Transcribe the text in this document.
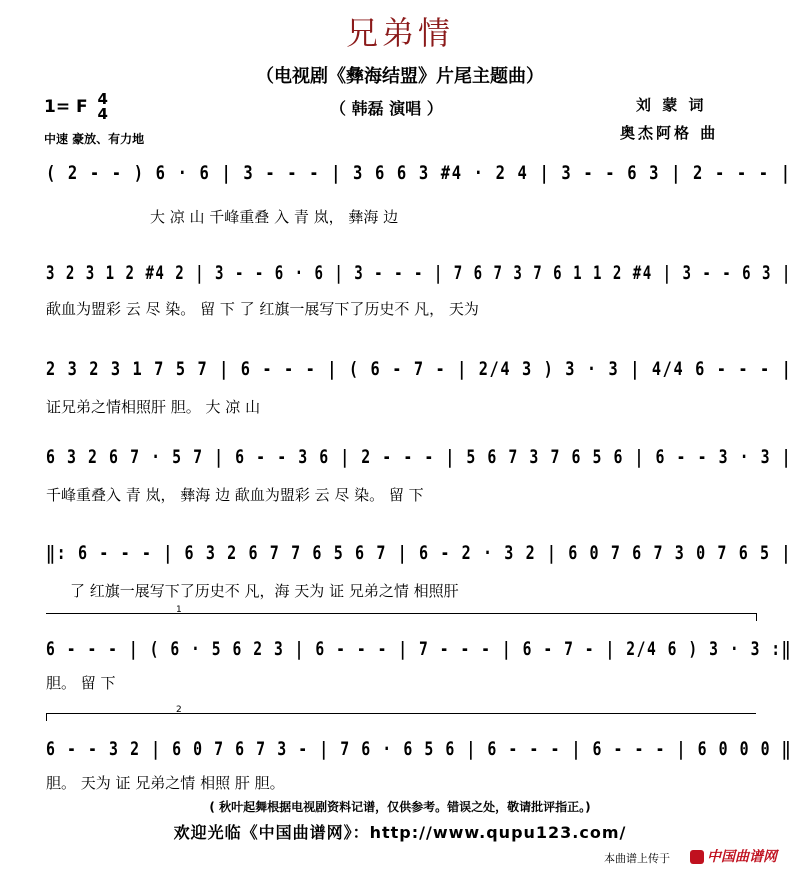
兄弟情
（电视剧《彝海结盟》片尾主题曲）
1= F 4
4
中速 豪放、有力地
（ 韩磊 演唱 ）	刘 蒙 词
奥杰阿格 曲
( 2 - - ) 6 · 6 | 3 - - - | 3 6 6 3 #4 · 2 4 | 3 - - 6 3 | 2 - - - |
大 凉 山 千峰重叠 入 青 岚， 彝海 边
3 2 3 1 2 #4 2 | 3 - - 6 · 6 | 3 - - - | 7 6 7 3 7 6 1 1 2 #4 | 3 - - 6 3 |
歃血为盟彩 云 尽 染。 留 下 了 红旗一展写下了历史不 凡， 天为
2 3 2 3 1 7 5 7 | 6 - - - | ( 6 - 7 - | 2/4 3 ) 3 · 3 | 4/4 6 - - - |
证兄弟之情相照肝 胆。 大 凉 山
6 3 2 6 7 · 5 7 | 6 - - 3 6 | 2 - - - | 5 6 7 3 7 6 5 6 | 6 - - 3 · 3 |
千峰重叠入 青 岚， 彝海 边 歃血为盟彩 云 尽 染。 留 下
‖: 6 - - - | 6 3 2 6 7 7 6 5 6 7 | 6 - 2 · 3 2 | 6 0 7 6 7 3 0 7 6 5 |
了 红旗一展写下了历史不 凡，海 天为 证 兄弟之情 相照肝
1
6 - - - | ( 6 · 5 6 2 3 | 6 - - - | 7 - - - | 6 - 7 - | 2/4 6 ) 3 · 3 :‖
胆。 留 下
2
6 - - 3 2 | 6 0 7 6 7 3 - | 7 6 · 6 5 6 | 6 - - - | 6 - - - | 6 0 0 0 ‖
胆。 天为 证 兄弟之情 相照 肝 胆。
( 秋叶起舞根据电视剧资料记谱，仅供参考。错误之处，敬请批评指正。)
欢迎光临《中国曲谱网》：http://www.qupu123.com/
本曲谱上传于	中国曲谱网
